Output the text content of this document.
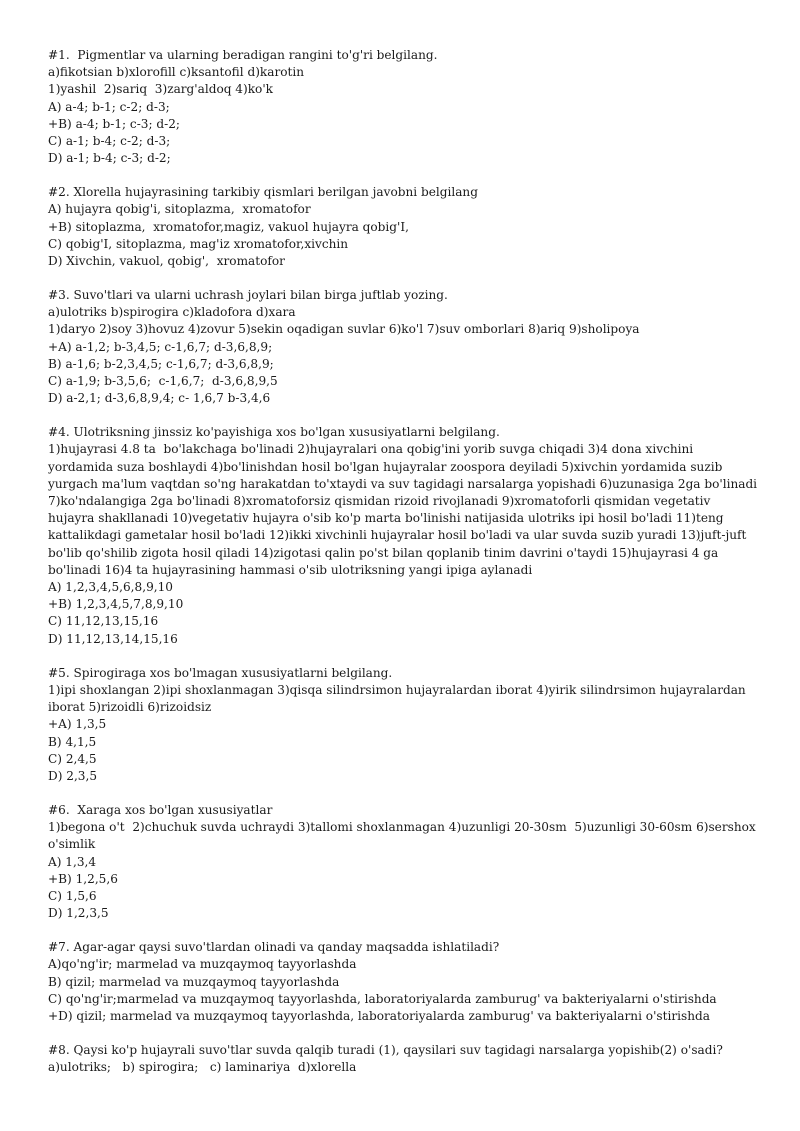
#1.  Pigmentlar va ularning beradigan rangini to'g'ri belgilang.
a)fikotsian b)xlorofill c)ksantofil d)karotin
1)yashil  2)sariq  3)zarg'aldoq 4)ko'k
A) a-4; b-1; c-2; d-3;
+B) a-4; b-1; c-3; d-2;
C) a-1; b-4; c-2; d-3;
D) a-1; b-4; c-3; d-2;
#2. Xlorella hujayrasining tarkibiy qismlari berilgan javobni belgilang
A) hujayra qobig'i, sitoplazma,  xromatofor
+B) sitoplazma,  xromatofor,magiz, vakuol hujayra qobig'I,
C) qobig'I, sitoplazma, mag'iz xromatofor,xivchin
D) Xivchin, vakuol, qobig',  xromatofor
#3. Suvo'tlari va ularni uchrash joylari bilan birga juftlab yozing.
a)ulotriks b)spirogira c)kladofora d)xara
1)daryo 2)soy 3)hovuz 4)zovur 5)sekin oqadigan suvlar 6)ko'l 7)suv omborlari 8)ariq 9)sholipoya
+A) a-1,2; b-3,4,5; c-1,6,7; d-3,6,8,9;
B) a-1,6; b-2,3,4,5; c-1,6,7; d-3,6,8,9;
C) a-1,9; b-3,5,6;  c-1,6,7;  d-3,6,8,9,5
D) a-2,1; d-3,6,8,9,4; c- 1,6,7 b-3,4,6
#4. Ulotriksning jinssiz ko'payishiga xos bo'lgan xususiyatlarni belgilang.
1)hujayrasi 4.8 ta  bo'lakchaga bo'linadi 2)hujayralari ona qobig'ini yorib suvga chiqadi 3)4 dona xivchini yordamida suza boshlaydi 4)bo'linishdan hosil bo'lgan hujayralar zoospora deyiladi 5)xivchin yordamida suzib yurgach ma'lum vaqtdan so'ng harakatdan to'xtaydi va suv tagidagi narsalarga yopishadi 6)uzunasiga 2ga bo'linadi 7)ko'ndalangiga 2ga bo'linadi 8)xromatoforsiz qismidan rizoid rivojlanadi 9)xromatoforli qismidan vegetativ hujayra shakllanadi 10)vegetativ hujayra o'sib ko'p marta bo'linishi natijasida ulotriks ipi hosil bo'ladi 11)teng kattalikdagi gametalar hosil bo'ladi 12)ikki xivchinli hujayralar hosil bo'ladi va ular suvda suzib yuradi 13)juft-juft bo'lib qo'shilib zigota hosil qiladi 14)zigotasi qalin po'st bilan qoplanib tinim davrini o'taydi 15)hujayrasi 4 ga bo'linadi 16)4 ta hujayrasining hammasi o'sib ulotriksning yangi ipiga aylanadi
A) 1,2,3,4,5,6,8,9,10
+B) 1,2,3,4,5,7,8,9,10
C) 11,12,13,15,16
D) 11,12,13,14,15,16
#5. Spirogiraga xos bo'lmagan xususiyatlarni belgilang.
1)ipi shoxlangan 2)ipi shoxlanmagan 3)qisqa silindrsimon hujayralardan iborat 4)yirik silindrsimon hujayralardan iborat 5)rizoidli 6)rizoidsiz
+A) 1,3,5
B) 4,1,5
C) 2,4,5
D) 2,3,5
#6.  Xaraga xos bo'lgan xususiyatlar
1)begona o't  2)chuchuk suvda uchraydi 3)tallomi shoxlanmagan 4)uzunligi 20-30sm  5)uzunligi 30-60sm 6)sershox o'simlik
A) 1,3,4
+B) 1,2,5,6
C) 1,5,6
D) 1,2,3,5
#7. Agar-agar qaysi suvo'tlardan olinadi va qanday maqsadda ishlatiladi?
A)qo'ng'ir; marmelad va muzqaymoq tayyorlashda
B) qizil; marmelad va muzqaymoq tayyorlashda
C) qo'ng'ir;marmelad va muzqaymoq tayyorlashda, laboratoriyalarda zamburug' va bakteriyalarni o'stirishda
+D) qizil; marmelad va muzqaymoq tayyorlashda, laboratoriyalarda zamburug' va bakteriyalarni o'stirishda
#8. Qaysi ko'p hujayrali suvo'tlar suvda qalqib turadi (1), qaysilari suv tagidagi narsalarga yopishib(2) o'sadi?
a)ulotriks;   b) spirogira;   c) laminariya  d)xlorella
